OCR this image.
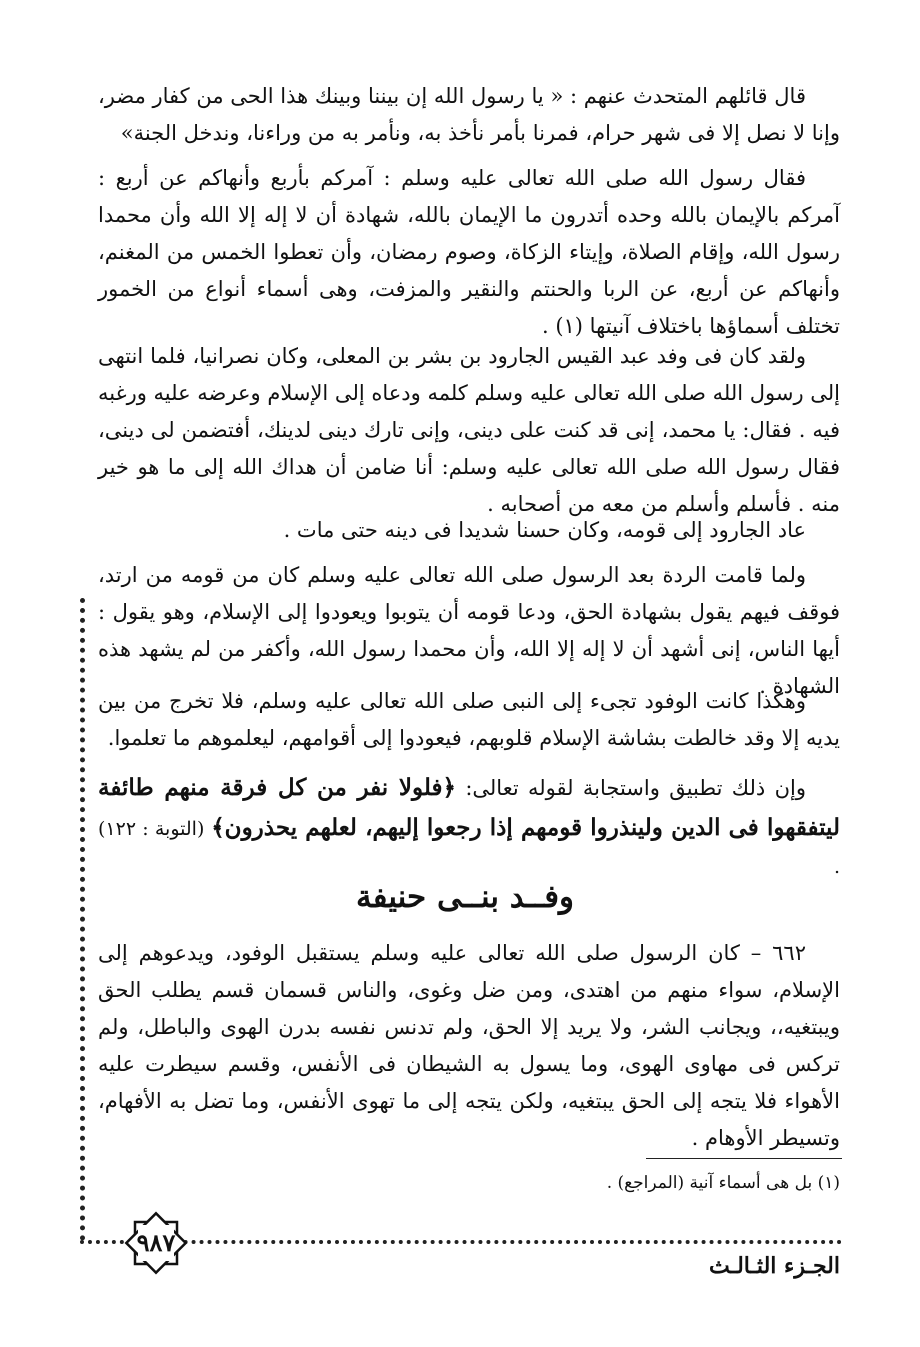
قال قائلهم المتحدث عنهم : « يا رسول الله إن بيننا وبينك هذا الحى من كفار مضر، وإنا لا نصل إلا فى شهر حرام، فمرنا بأمر نأخذ به، ونأمر به من وراءنا، وندخل الجنة»

فقال رسول الله صلى الله تعالى عليه وسلم : آمركم بأربع وأنهاكم عن أربع : آمركم بالإيمان بالله وحده أتدرون ما الإيمان بالله، شهادة أن لا إله إلا الله وأن محمدا رسول الله، وإقام الصلاة، وإيتاء الزكاة، وصوم رمضان، وأن تعطوا الخمس من المغنم، وأنهاكم عن أربع، عن الربا والحنتم والنقير والمزفت، وهى أسماء أنواع من الخمور تختلف أسماؤها باختلاف آنيتها (١) .

ولقد كان فى وفد عبد القيس الجارود بن بشر بن المعلى، وكان نصرانيا، فلما انتهى إلى رسول الله صلى الله تعالى عليه وسلم كلمه ودعاه إلى الإسلام وعرضه عليه ورغبه فيه . فقال: يا محمد، إنى قد كنت على دينى، وإنى تارك دينى لدينك، أفتضمن لى دينى، فقال رسول الله صلى الله تعالى عليه وسلم: أنا ضامن أن هداك الله إلى ما هو خير منه . فأسلم وأسلم من معه من أصحابه .

عاد الجارود إلى قومه، وكان حسنا شديدا فى دينه حتى مات .

ولما قامت الردة بعد الرسول صلى الله تعالى عليه وسلم كان من قومه من ارتد، فوقف فيهم يقول بشهادة الحق، ودعا قومه أن يتوبوا ويعودوا إلى الإسلام، وهو يقول : أيها الناس، إنى أشهد أن لا إله إلا الله، وأن محمدا رسول الله، وأكفر من لم يشهد هذه الشهادة .

وهكذا كانت الوفود تجىء إلى النبى صلى الله تعالى عليه وسلم، فلا تخرج من بين يديه إلا وقد خالطت بشاشة الإسلام قلوبهم، فيعودوا إلى أقوامهم، ليعلموهم ما تعلموا.

وإن ذلك تطبيق واستجابة لقوله تعالى: ﴿فلولا نفر من كل فرقة منهم طائفة ليتفقهوا فى الدين ولينذروا قومهم إذا رجعوا إليهم، لعلهم يحذرون﴾ (التوبة : ١٢٢) .

وفــد بنــى حنيفة

٦٦٢ – كان الرسول صلى الله تعالى عليه وسلم يستقبل الوفود، ويدعوهم إلى الإسلام، سواء منهم من اهتدى، ومن ضل وغوى، والناس قسمان قسم يطلب الحق ويبتغيه،، ويجانب الشر، ولا يريد إلا الحق، ولم تدنس نفسه بدرن الهوى والباطل، ولم تركس فى مهاوى الهوى، وما يسول به الشيطان فى الأنفس، وقسم سيطرت عليه الأهواء فلا يتجه إلى الحق يبتغيه، ولكن يتجه إلى ما تهوى الأنفس، وما تضل به الأفهام، وتسيطر الأوهام .

(١) بل هى أسماء آنية (المراجع) .

٩٨٧

الجـزء الثـالـث
